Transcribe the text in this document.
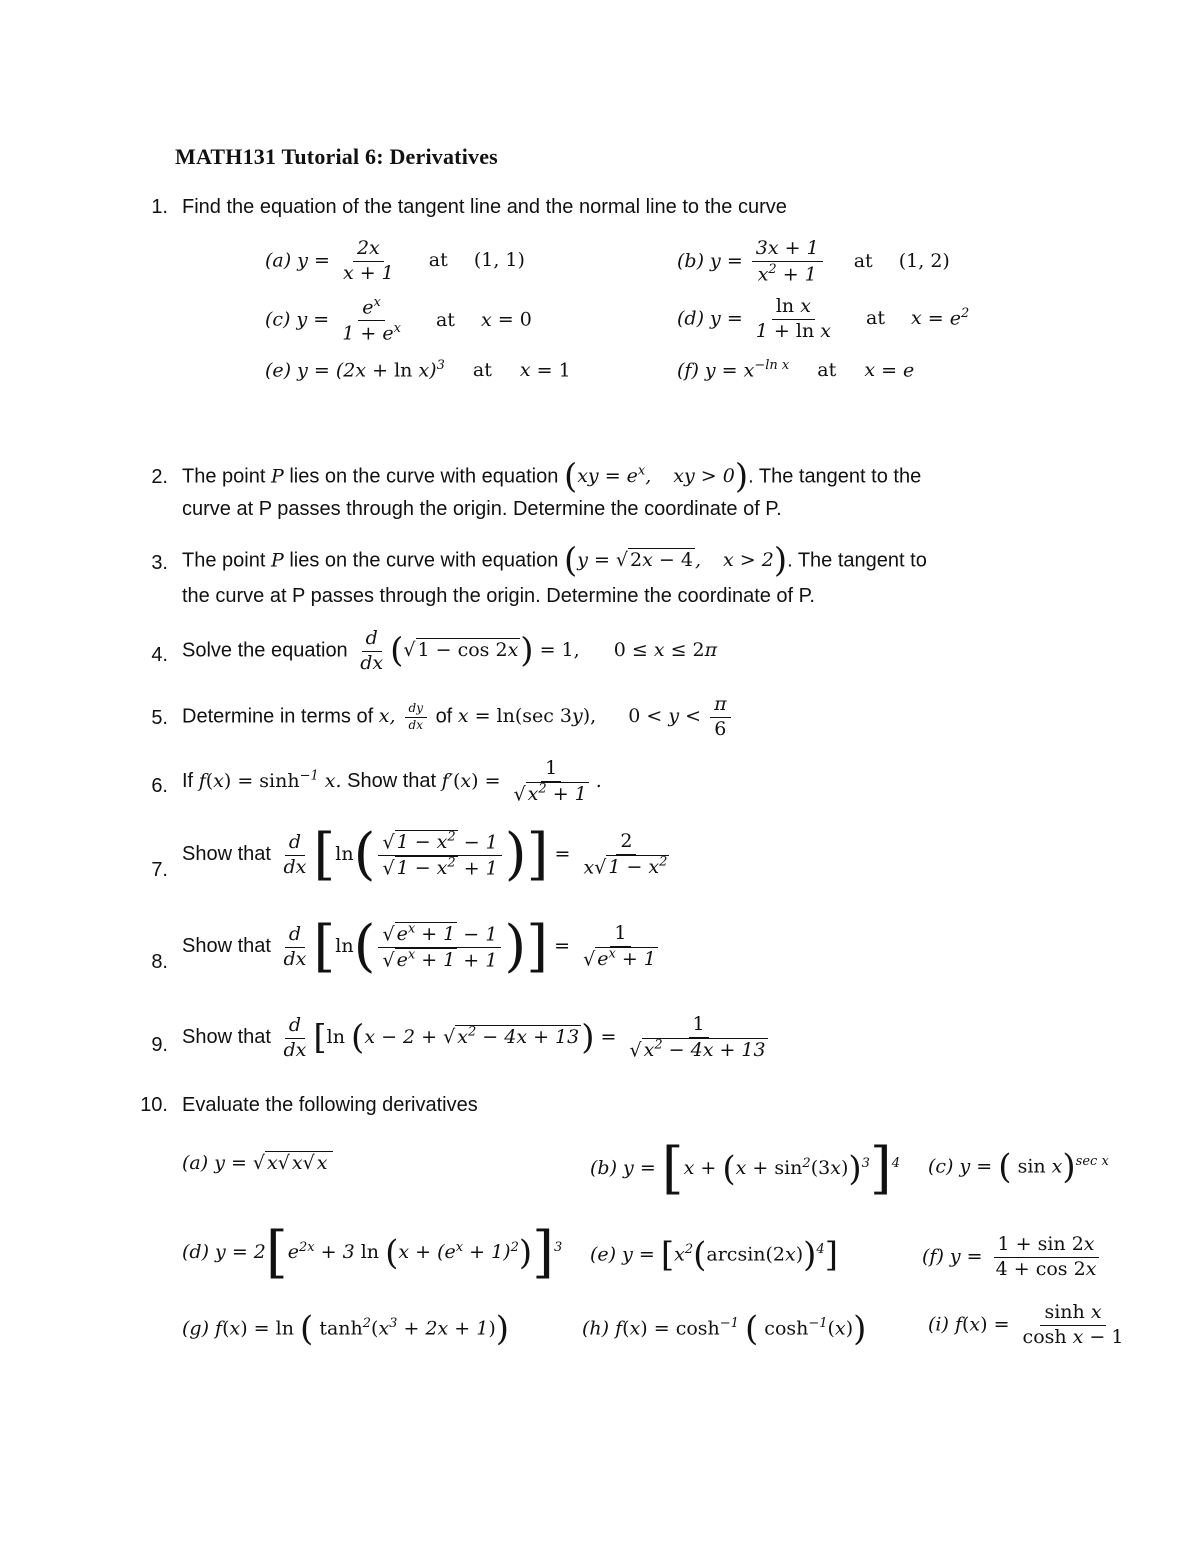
MATH131 Tutorial 6: Derivatives
1. Find the equation of the tangent line and the normal line to the curve
(a) $y = \frac{2x}{x + 1}$ at (1, 1)	(b) $y = \frac{3x + 1}{x^2 + 1}$ at (1, 2)
(c) $y = \frac{e^x}{1 + e^x}$ at x = 0	(d) $y = \frac{\text{ln x}}{\text{1 + ln x}}$ at $x = e^2$
(e) $y = (2x + \ln x)^3$ at x = 1	(f) $y = x^{-ln x}$ at x = e
2. The point P lies on the curve with equation ($xy = e^x$, xy > 0). The tangent to the
curve at P passes through the origin. Determine the coordinate of P.
3. The point P lies on the curve with equation (y = √ 2x − 4 , x > 2). The tangent to
the curve at P passes through the origin. Determine the coordinate of P.
4. Solve the equation $\frac{d}{dx}$ (√ 1 − cos 2x) = 1, 0 ≤ x ≤ 2π
5. Determine in terms of x, $\frac{dy}{dx}$ of x = ln(sec 3y), $0 < y < \frac{\pi}{6}$
6. If $f(x) = \sinh^{-1} x$. Show that $f'(x) = \frac{1}{√ x^2 + 1}$ .
7.
Show that $\frac{d}{dx} [\ln( \frac{√ 1 - x^2 - 1}{√ 1 - x^2 + 1}$ )] = $\frac{2}{x√ 1 - x^2}$
8.
Show that $\frac{d}{dx} [\ln( \frac{√ e^x + 1 - 1}{√ e^x + 1 + 1}$ )] = $\frac{1}{√ e^x + 1}$
9. Show that $\frac{d}{dx} [\ln$ (x − 2 + √ $x^2 - 4x + 13) = \frac{1}{√ x^2 - 4x + 13}$
10. Evaluate the following derivatives
(a) y = √ x√ x√ x	(b) $y = [x + (x + \sin^2(3x))^3]^4$ (c) y = ( sin x)$^{sec x}$
(d) $y = 2[e^{2x} + 3$ $\ln (x + (e^x + 1)^2)]^3$ (e) $y = [x^2(\arcsin(2x))^4]$	(f) $y = \frac{1 + \sin 2x}{4 + \cos 2x}$
(g) f(x) = ln ( $\tanh^2(x^3 + 2x + 1)$)	(h) $f(x) = \cosh^{-1}$ ( $\cosh^{-1}(x)$)	(i) $f(x) = \frac{\text{sinh x}}{\text{cosh x − 1}}$
